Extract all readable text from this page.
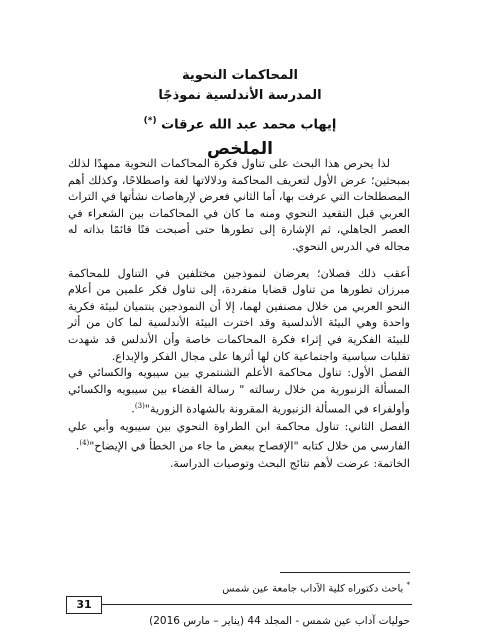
المحاكمات النحوية
المدرسة الأندلسية نموذجًا
إيهاب محمد عبد الله عرقات (*)
الملخص

لذا يحرص هذا البحث على تناول فكرة المحاكمات النحوية ممهدًا لذلك بمبحثين؛ عرض الأول لتعريف المحاكمة ودلالاتها لغة واصطلاحًا، وكذلك أهم المصطلحات التي عرفت بها، أما الثاني فعرض لإرهاصات نشأتها في التراث العربي قبل التقعيد النحوي ومنه ما كان في المحاكمات بين الشعراء في العصر الجاهلي، ثم الإشارة إلى تطورها حتى أصبحت فنًا قائمًا بذاته له مجاله في الدرس النحوي.

أعقب ذلك فصلان؛ يعرضان لنموذجين مختلفين في التناول للمحاكمة مبرزان تطورها من تناول قضايا منفردة، إلى تناول فكر علمين من أعلام النحو العربي من خلال مصنفين لهما، إلا أن النموذجين ينتميان لبيئة فكرية واحدة وهي البيئة الأندلسية وقد اخترت البيئة الأندلسية لما كان من أثر للبيئة الفكرية في إثراء فكرة المحاكمات خاصة وأن الأندلس قد شهدت تقلبات سياسية واجتماعية كان لها أثرها على مجال الفكر والإبداع.

الفصل الأول: تناول محاكمة الأعلم الشنتمري بين سيبويه والكسائي في المسألة الزنبورية من خلال رسالته " رسالة القضاء بين سيبويه والكسائي وأولفراء في المسألة الزنبورية المقرونة بالشهادة الزورية"$^{(3)}$.

الفصل الثاني: تناول محاكمة ابن الطراوة النحوي بين سيبويه وأبي علي الفارسي من خلال كتابه "الإفصاح ببعض ما جاء من الخطأ في الإيضاح"$^{(4)}$.

الخاتمة: عرضت لأهم نتائج البحث وتوصيات الدراسة.

* باحث دكتوراه كلية الآداب جامعة عين شمس
31
حوليات آداب عين شمس - المجلد 44 (يناير – مارس 2016)
